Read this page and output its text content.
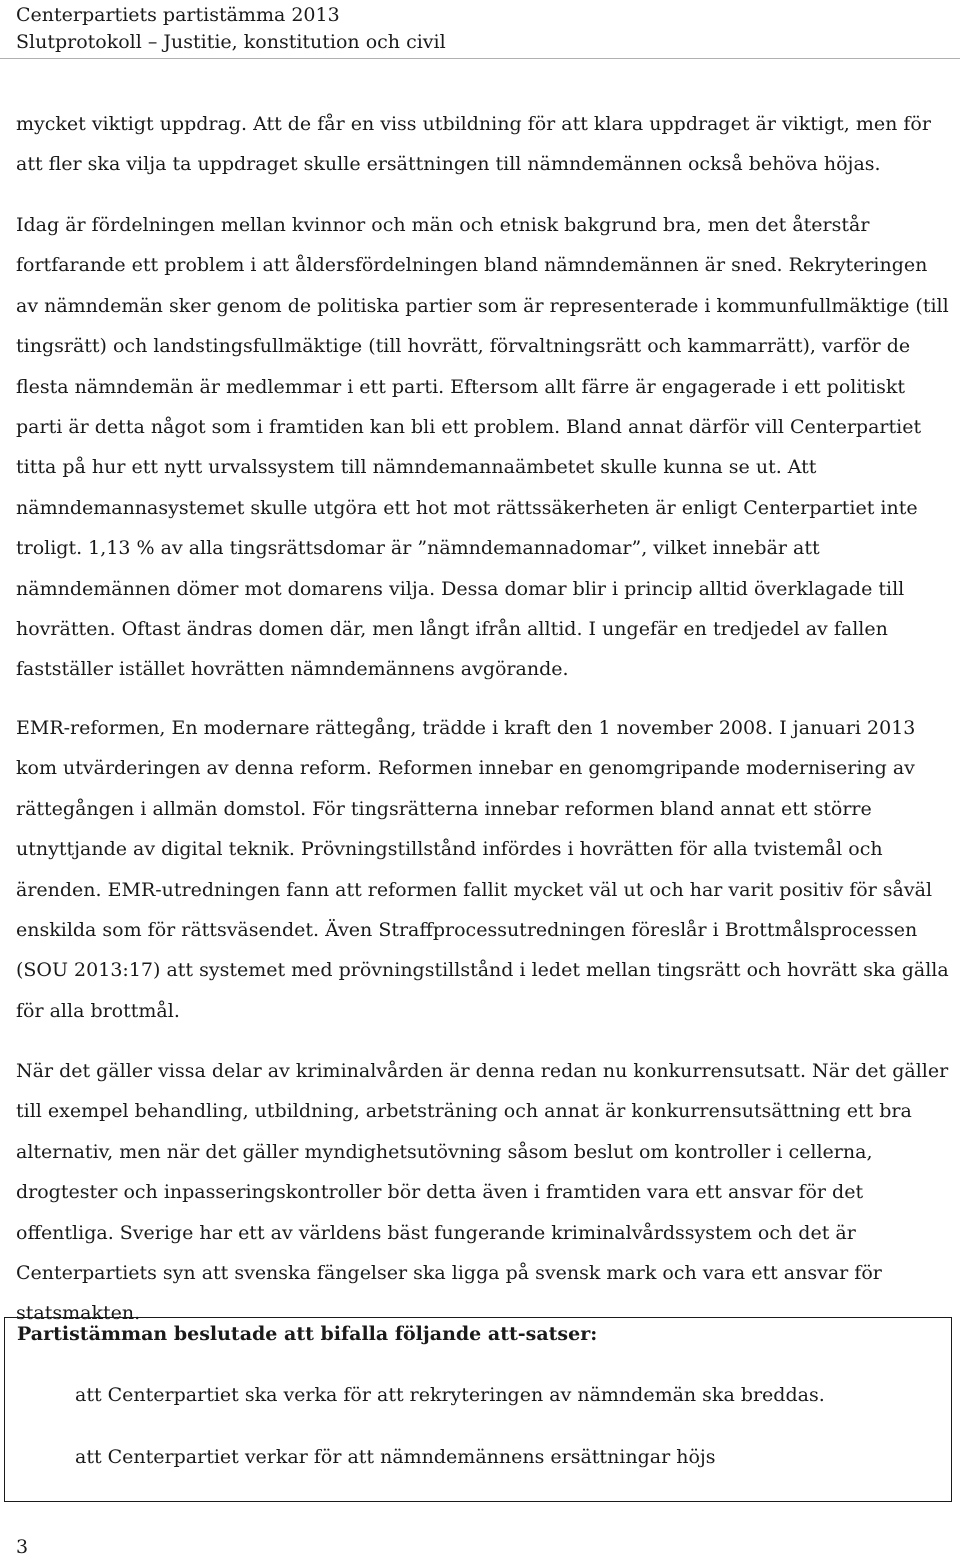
Centerpartiets partistämma 2013
Slutprotokoll – Justitie, konstitution och civil

mycket viktigt uppdrag. Att de får en viss utbildning för att klara uppdraget är viktigt, men för att fler ska vilja ta uppdraget skulle ersättningen till nämndemännen också behöva höjas.

Idag är fördelningen mellan kvinnor och män och etnisk bakgrund bra, men det återstår fortfarande ett problem i att åldersfördelningen bland nämndemännen är sned. Rekryteringen av nämndemän sker genom de politiska partier som är representerade i kommunfullmäktige (till tingsrätt) och landstingsfullmäktige (till hovrätt, förvaltningsrätt och kammarrätt), varför de flesta nämndemän är medlemmar i ett parti. Eftersom allt färre är engagerade i ett politiskt parti är detta något som i framtiden kan bli ett problem. Bland annat därför vill Centerpartiet titta på hur ett nytt urvalssystem till nämndemannaämbetet skulle kunna se ut. Att nämndemannasystemet skulle utgöra ett hot mot rättssäkerheten är enligt Centerpartiet inte troligt. 1,13 % av alla tingsrättsdomar är ”nämndemannadomar”, vilket innebär att nämndemännen dömer mot domarens vilja. Dessa domar blir i princip alltid överklagade till hovrätten. Oftast ändras domen där, men långt ifrån alltid. I ungefär en tredjedel av fallen fastställer istället hovrätten nämndemännens avgörande.

EMR-reformen, En modernare rättegång, trädde i kraft den 1 november 2008. I januari 2013 kom utvärderingen av denna reform. Reformen innebar en genomgripande modernisering av rättegången i allmän domstol. För tingsrätterna innebar reformen bland annat ett större utnyttjande av digital teknik. Prövningstillstånd infördes i hovrätten för alla tvistemål och ärenden. EMR-utredningen fann att reformen fallit mycket väl ut och har varit positiv för såväl enskilda som för rättsväsendet. Även Straffprocessutredningen föreslår i Brottmålsprocessen (SOU 2013:17) att systemet med prövningstillstånd i ledet mellan tingsrätt och hovrätt ska gälla för alla brottmål.

När det gäller vissa delar av kriminalvården är denna redan nu konkurrensutsatt. När det gäller till exempel behandling, utbildning, arbetsträning och annat är konkurrensutsättning ett bra alternativ, men när det gäller myndighetsutövning såsom beslut om kontroller i cellerna, drogtester och inpasseringskontroller bör detta även i framtiden vara ett ansvar för det offentliga. Sverige har ett av världens bäst fungerande kriminalvårdssystem och det är Centerpartiets syn att svenska fängelser ska ligga på svensk mark och vara ett ansvar för statsmakten.

Partistämman beslutade att bifalla följande att-satser:
att Centerpartiet ska verka för att rekryteringen av nämndemän ska breddas.
att Centerpartiet verkar för att nämndemännens ersättningar höjs
3
